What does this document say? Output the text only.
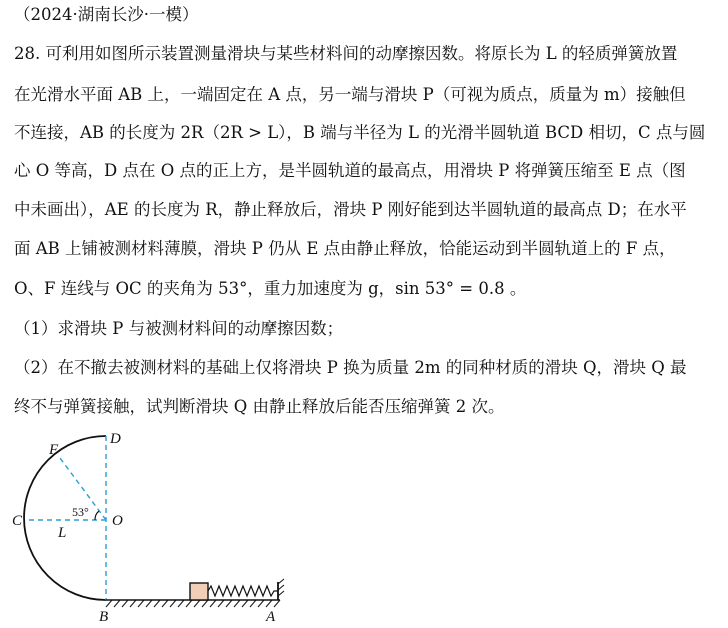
（2024·湖南长沙·一模）
28. 可利用如图所示装置测量滑块与某些材料间的动摩擦因数。将原长为 L 的轻质弹簧放置
在光滑水平面 AB 上，一端固定在 A 点，另一端与滑块 P（可视为质点，质量为 m）接触但
不连接，AB 的长度为 2R（2R > L），B 端与半径为 L 的光滑半圆轨道 BCD 相切，C 点与圆
心 O 等高，D 点在 O 点的正上方，是半圆轨道的最高点，用滑块 P 将弹簧压缩至 E 点（图
中未画出），AE 的长度为 R，静止释放后，滑块 P 刚好能到达半圆轨道的最高点 D；在水平
面 AB 上铺被测材料薄膜，滑块 P 仍从 E 点由静止释放，恰能运动到半圆轨道上的 F 点，
O、F 连线与 OC 的夹角为 53°，重力加速度为 g，sin 53° = 0.8 。
（1）求滑块 P 与被测材料间的动摩擦因数；
（2）在不撤去被测材料的基础上仅将滑块 P 换为质量 2m 的同种材质的滑块 Q，滑块 Q 最
终不与弹簧接触，试判断滑块 Q 由静止释放后能否压缩弹簧 2 次。
D
F
C	O
L
B	A
53°
